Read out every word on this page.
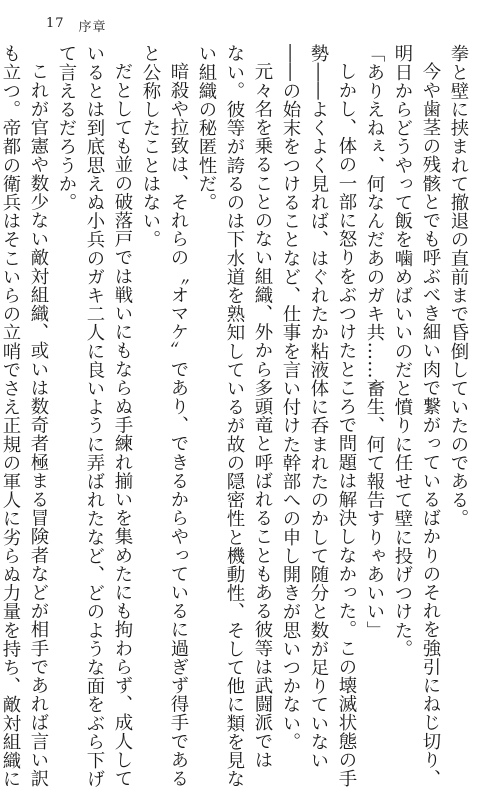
17 序章

拳と壁に挟まれて撤退の直前まで昏倒していたのである。

今や歯茎の残骸とでも呼ぶべき細い肉で繋がっているばかりのそれを強引にねじ切り、

明日からどうやって飯を噛めばいいのだと憤りに任せて壁に投げつけた。

「ありえねぇ、何なんだあのガキ共……畜生、何て報告すりゃあいい」

しかし、体の一部に怒りをぶつけたところで問題は解決しなかった。この壊滅状態の手

勢――よくよく見れば、はぐれたか粘液体に呑まれたのかして随分と数が足りていない

――の始末をつけることなど、仕事を言い付けた幹部への申し開きが思いつかない。

元々名を乗ることのない組織、外から多頭竜と呼ばれることもある彼等は武闘派では

ない。彼等が誇るのは下水道を熟知しているが故の隠密性と機動性、そして他に類を見な

い組織の秘匿性だ。

暗殺や拉致は、それらの〝オマケ〟であり、できるからやっているに過ぎず得手である

と公称したことはない。

だとしても並の破落戸では戦いにもならぬ手練れ揃いを集めたにも拘わらず、成人して

いるとは到底思えぬ小兵のガキ二人に良いように弄ばれたなど、どのような面をぶら下げ

て言えるだろうか。

これが官憲や数少ない敵対組織、或いは数奇者極まる冒険者などが相手であれば言い訳

も立つ。帝都の衛兵はそこいらの立哨でさえ正規の軍人に劣らぬ力量を持ち、敵対組織に
